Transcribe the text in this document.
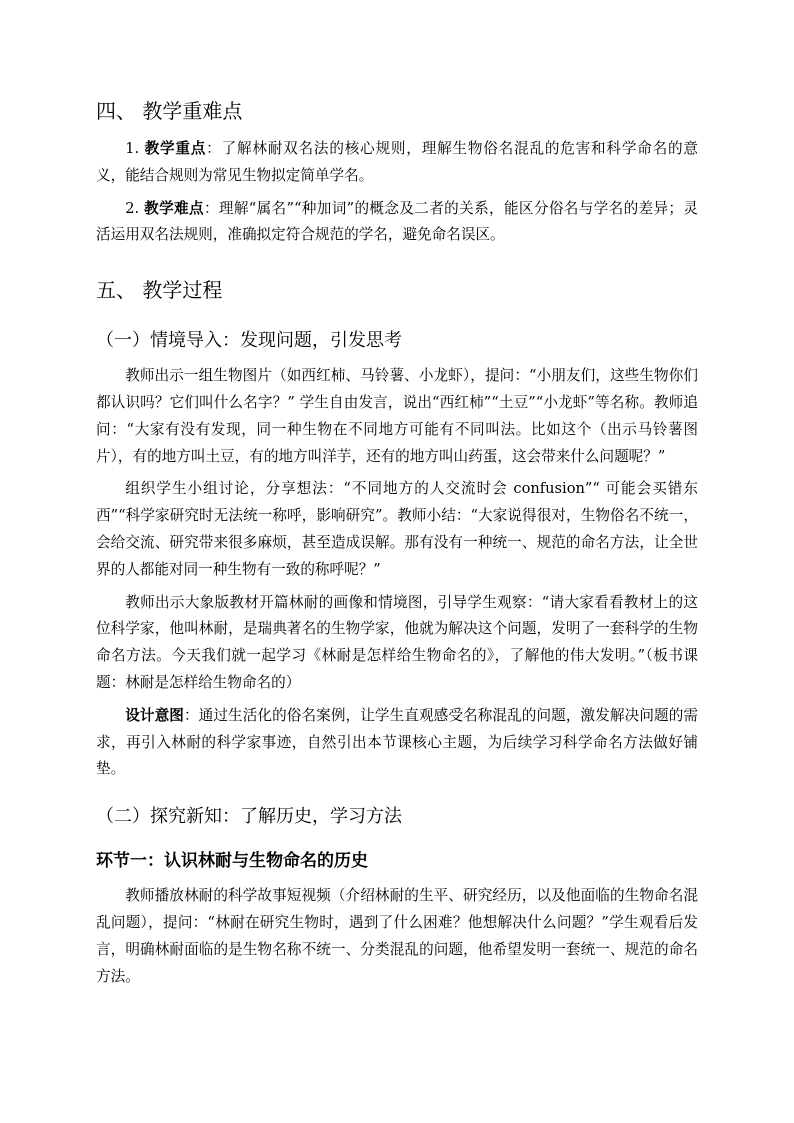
四、 教学重难点

1. 教学重点：了解林耐双名法的核心规则，理解生物俗名混乱的危害和科学命名的意义，能结合规则为常见生物拟定简单学名。

2. 教学难点：理解“属名”“种加词”的概念及二者的关系，能区分俗名与学名的差异；灵活运用双名法规则，准确拟定符合规范的学名，避免命名误区。

五、 教学过程
（一）情境导入：发现问题，引发思考

教师出示一组生物图片（如西红柿、马铃薯、小龙虾），提问：“小朋友们，这些生物你们都认识吗？它们叫什么名字？” 学生自由发言，说出“西红柿”“土豆”“小龙虾”等名称。教师追问：“大家有没有发现，同一种生物在不同地方可能有不同叫法。比如这个（出示马铃薯图片），有的地方叫土豆，有的地方叫洋芋，还有的地方叫山药蛋，这会带来什么问题呢？”

组织学生小组讨论，分享想法：“不同地方的人交流时会 confusion”“ 可能会买错东西”“科学家研究时无法统一称呼，影响研究”。教师小结：“大家说得很对，生物俗名不统一，会给交流、研究带来很多麻烦，甚至造成误解。那有没有一种统一、规范的命名方法，让全世界的人都能对同一种生物有一致的称呼呢？”

教师出示大象版教材开篇林耐的画像和情境图，引导学生观察：“请大家看看教材上的这位科学家，他叫林耐，是瑞典著名的生物学家，他就为解决这个问题，发明了一套科学的生物命名方法。今天我们就一起学习《林耐是怎样给生物命名的》，了解他的伟大发明。”（板书课题：林耐是怎样给生物命名的）

设计意图：通过生活化的俗名案例，让学生直观感受名称混乱的问题，激发解决问题的需求，再引入林耐的科学家事迹，自然引出本节课核心主题，为后续学习科学命名方法做好铺垫。

（二）探究新知：了解历史，学习方法
环节一：认识林耐与生物命名的历史

教师播放林耐的科学故事短视频（介绍林耐的生平、研究经历，以及他面临的生物命名混乱问题），提问：“林耐在研究生物时，遇到了什么困难？他想解决什么问题？”学生观看后发言，明确林耐面临的是生物名称不统一、分类混乱的问题，他希望发明一套统一、规范的命名方法。
